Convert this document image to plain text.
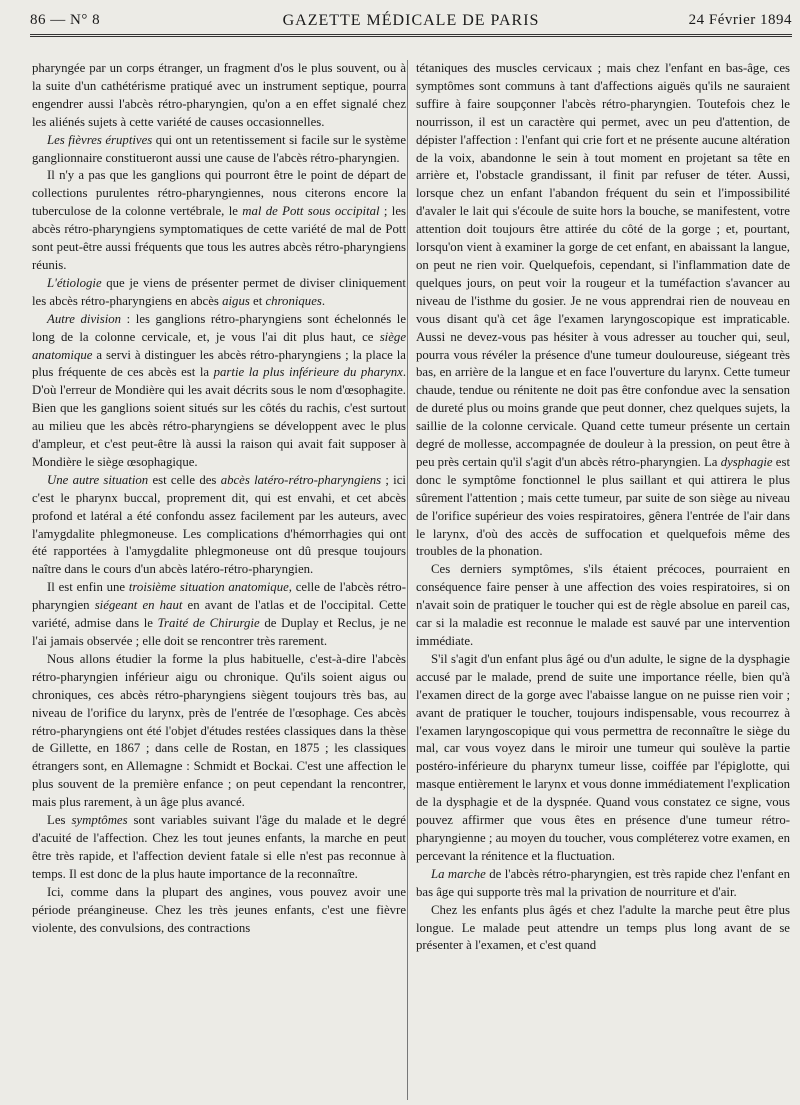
86 — N° 8	GAZETTE MÉDICALE DE PARIS	24 Février 1894

pharyngée par un corps étranger, un fragment d'os le plus souvent, ou à la suite d'un cathétérisme pratiqué avec un instrument septique, pourra engendrer aussi l'abcès rétro-pharyngien, qu'on a en effet signalé chez les aliénés sujets à cette variété de causes occasionnelles.

Les fièvres éruptives qui ont un retentissement si facile sur le système ganglionnaire constitueront aussi une cause de l'abcès rétro-pharyngien.

Il n'y a pas que les ganglions qui pourront être le point de départ de collections purulentes rétro-pharyngiennes, nous citerons encore la tuberculose de la colonne vertébrale, le mal de Pott sous occipital ; les abcès rétro-pharyngiens symptomatiques de cette variété de mal de Pott sont peut-être aussi fréquents que tous les autres abcès rétro-pharyngiens réunis.

L'étiologie que je viens de présenter permet de diviser cliniquement les abcès rétro-pharyngiens en abcès aigus et chroniques.

Autre division : les ganglions rétro-pharyngiens sont échelonnés le long de la colonne cervicale, et, je vous l'ai dit plus haut, ce siège anatomique a servi à distinguer les abcès rétro-pharyngiens ; la place la plus fréquente de ces abcès est la partie la plus inférieure du pharynx. D'où l'erreur de Mondière qui les avait décrits sous le nom d'œsophagite. Bien que les ganglions soient situés sur les côtés du rachis, c'est surtout au milieu que les abcès rétro-pharyngiens se développent avec le plus d'ampleur, et c'est peut-être là aussi la raison qui avait fait supposer à Mondière le siège œsophagique.

Une autre situation est celle des abcès latéro-rétro-pharyngiens ; ici c'est le pharynx buccal, proprement dit, qui est envahi, et cet abcès profond et latéral a été confondu assez facilement par les auteurs, avec l'amygdalite phlegmoneuse. Les complications d'hémorrhagies qui ont été rapportées à l'amygdalite phlegmoneuse ont dû presque toujours naître dans le cours d'un abcès latéro-rétro-pharyngien.

Il est enfin une troisième situation anatomique, celle de l'abcès rétro-pharyngien siégeant en haut en avant de l'atlas et de l'occipital. Cette variété, admise dans le Traité de Chirurgie de Duplay et Reclus, je ne l'ai jamais observée ; elle doit se rencontrer très rarement.

Nous allons étudier la forme la plus habituelle, c'est-à-dire l'abcès rétro-pharyngien inférieur aigu ou chronique. Qu'ils soient aigus ou chroniques, ces abcès rétro-pharyngiens siègent toujours très bas, au niveau de l'orifice du larynx, près de l'entrée de l'œsophage. Ces abcès rétro-pharyngiens ont été l'objet d'études restées classiques dans la thèse de Gillette, en 1867 ; dans celle de Rostan, en 1875 ; les classiques étrangers sont, en Allemagne : Schmidt et Bockai. C'est une affection le plus souvent de la première enfance ; on peut cependant la rencontrer, mais plus rarement, à un âge plus avancé.

Les symptômes sont variables suivant l'âge du malade et le degré d'acuité de l'affection. Chez les tout jeunes enfants, la marche en peut être très rapide, et l'affection devient fatale si elle n'est pas reconnue à temps. Il est donc de la plus haute importance de la reconnaître.

Ici, comme dans la plupart des angines, vous pouvez avoir une période préangineuse. Chez les très jeunes enfants, c'est une fièvre violente, des convulsions, des contractions

tétaniques des muscles cervicaux ; mais chez l'enfant en bas-âge, ces symptômes sont communs à tant d'affections aiguës qu'ils ne sauraient suffire à faire soupçonner l'abcès rétro-pharyngien. Toutefois chez le nourrisson, il est un caractère qui permet, avec un peu d'attention, de dépister l'affection : l'enfant qui crie fort et ne présente aucune altération de la voix, abandonne le sein à tout moment en projetant sa tête en arrière et, l'obstacle grandissant, il finit par refuser de téter. Aussi, lorsque chez un enfant l'abandon fréquent du sein et l'impossibilité d'avaler le lait qui s'écoule de suite hors la bouche, se manifestent, votre attention doit toujours être attirée du côté de la gorge ; et, pourtant, lorsqu'on vient à examiner la gorge de cet enfant, en abaissant la langue, on peut ne rien voir. Quelquefois, cependant, si l'inflammation date de quelques jours, on peut voir la rougeur et la tuméfaction s'avancer au niveau de l'isthme du gosier. Je ne vous apprendrai rien de nouveau en vous disant qu'à cet âge l'examen laryngoscopique est impraticable. Aussi ne devez-vous pas hésiter à vous adresser au toucher qui, seul, pourra vous révéler la présence d'une tumeur douloureuse, siégeant très bas, en arrière de la langue et en face l'ouverture du larynx. Cette tumeur chaude, tendue ou rénitente ne doit pas être confondue avec la sensation de dureté plus ou moins grande que peut donner, chez quelques sujets, la saillie de la colonne cervicale. Quand cette tumeur présente un certain degré de mollesse, accompagnée de douleur à la pression, on peut être à peu près certain qu'il s'agit d'un abcès rétro-pharyngien. La dysphagie est donc le symptôme fonctionnel le plus saillant et qui attirera le plus sûrement l'attention ; mais cette tumeur, par suite de son siège au niveau de l'orifice supérieur des voies respiratoires, gênera l'entrée de l'air dans le larynx, d'où des accès de suffocation et quelquefois même des troubles de la phonation.

Ces derniers symptômes, s'ils étaient précoces, pourraient en conséquence faire penser à une affection des voies respiratoires, si on n'avait soin de pratiquer le toucher qui est de règle absolue en pareil cas, car si la maladie est reconnue le malade est sauvé par une intervention immédiate.

S'il s'agit d'un enfant plus âgé ou d'un adulte, le signe de la dysphagie accusé par le malade, prend de suite une importance réelle, bien qu'à l'examen direct de la gorge avec l'abaisse langue on ne puisse rien voir ; avant de pratiquer le toucher, toujours indispensable, vous recourrez à l'examen laryngoscopique qui vous permettra de reconnaître le siège du mal, car vous voyez dans le miroir une tumeur qui soulève la partie postéro-inférieure du pharynx tumeur lisse, coiffée par l'épiglotte, qui masque entièrement le larynx et vous donne immédiatement l'explication de la dysphagie et de la dyspnée. Quand vous constatez ce signe, vous pouvez affirmer que vous êtes en présence d'une tumeur rétro-pharyngienne ; au moyen du toucher, vous compléterez votre examen, en percevant la rénitence et la fluctuation.

La marche de l'abcès rétro-pharyngien, est très rapide chez l'enfant en bas âge qui supporte très mal la privation de nourriture et d'air.

Chez les enfants plus âgés et chez l'adulte la marche peut être plus longue. Le malade peut attendre un temps plus long avant de se présenter à l'examen, et c'est quand
